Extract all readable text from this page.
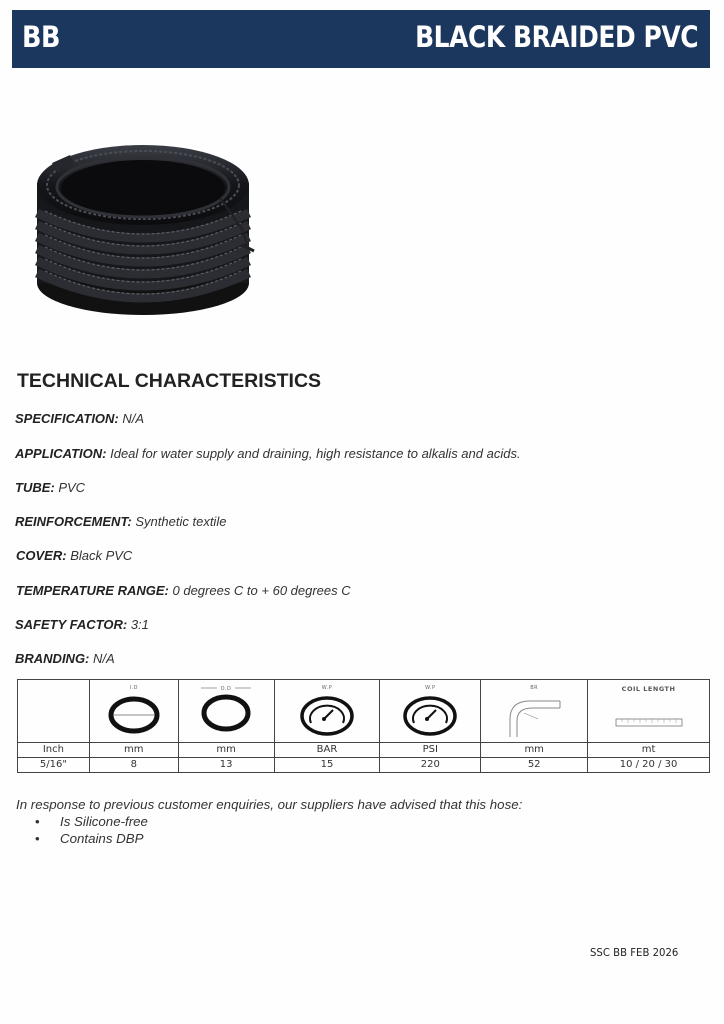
BB	BLACK BRAIDED PVC
TECHNICAL CHARACTERISTICS
SPECIFICATION: N/A
APPLICATION: Ideal for water supply and draining, high resistance to alkalis and acids.
TUBE: PVC
REINFORCEMENT: Synthetic textile
COVER: Black PVC
TEMPERATURE RANGE: 0 degrees C to + 60 degrees C
SAFETY FACTOR: 3:1
BRANDING: N/A

	I.D	O.D	W.P	W.P	BR	COIL LENGTH

Inch	mm	mm	BAR	PSI	mm	mt
5/16"	8	13	15	220	52	10 / 20 / 30
In response to previous customer enquiries, our suppliers have advised that this hose:
• Is Silicone-free
• Contains DBP
SSC BB FEB 2026
